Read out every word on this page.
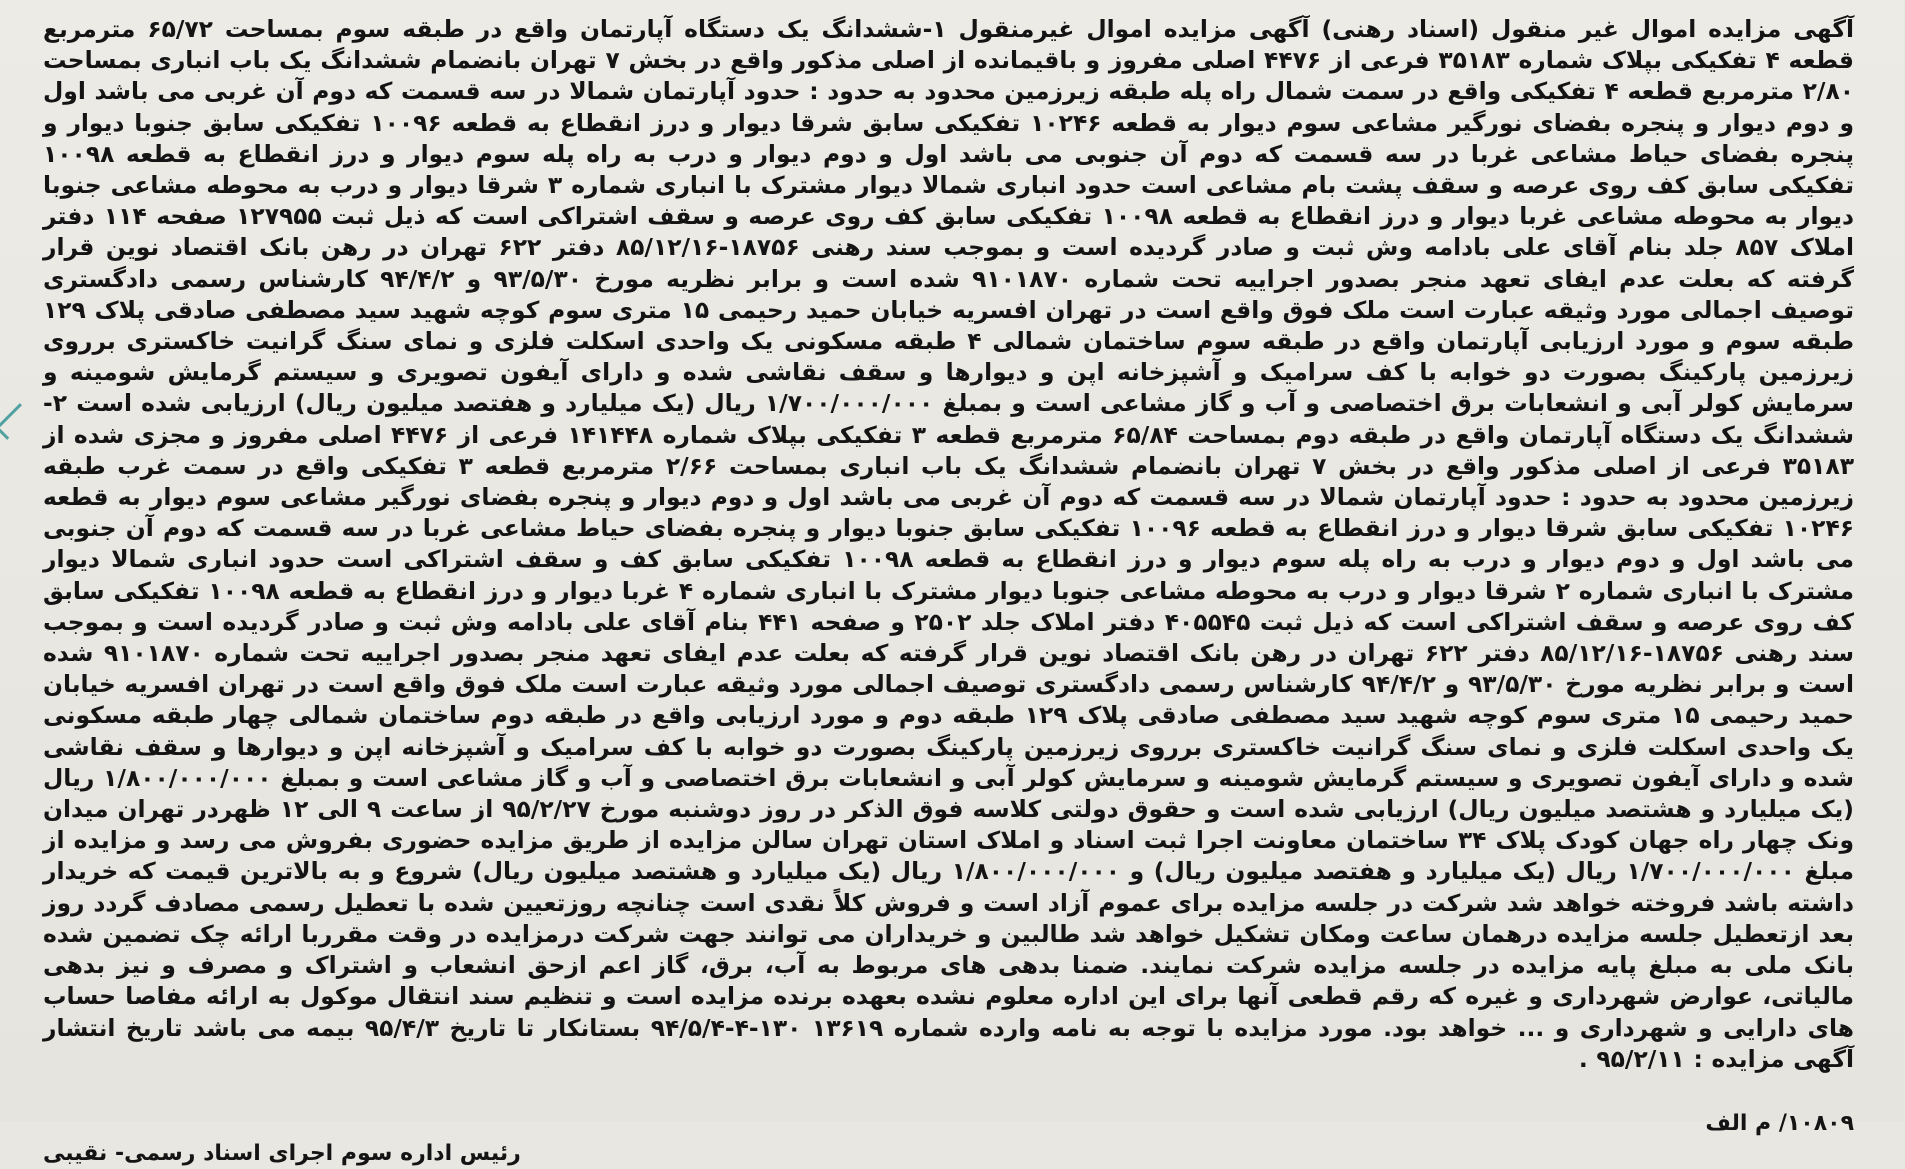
آگهی مزایده اموال غیر منقول (اسناد رهنی) آگهی مزایده اموال غیرمنقول ۱-ششدانگ یک دستگاه آپارتمان واقع در طبقه سوم بمساحت ۶۵/۷۲ مترمربع قطعه ۴ تفکیکی بپلاک شماره ۳۵۱۸۳ فرعی از ۴۴۷۶ اصلی مفروز و باقیمانده از اصلی مذکور واقع در بخش ۷ تهران بانضمام ششدانگ یک باب انباری بمساحت ۲/۸۰ مترمربع قطعه ۴ تفکیکی واقع در سمت شمال راه پله طبقه زیرزمین محدود به حدود : حدود آپارتمان شمالا در سه قسمت که دوم آن غربی می باشد اول و دوم دیوار و پنجره بفضای نورگیر مشاعی سوم دیوار به قطعه ۱۰۲۴۶ تفکیکی سابق شرقا دیوار و درز انقطاع به قطعه ۱۰۰۹۶ تفکیکی سابق جنوبا دیوار و پنجره بفضای حیاط مشاعی غربا در سه قسمت که دوم آن جنوبی می باشد اول و دوم دیوار و درب به راه پله سوم دیوار و درز انقطاع به قطعه ۱۰۰۹۸ تفکیکی سابق کف روی عرصه و سقف پشت بام مشاعی است حدود انباری شمالا دیوار مشترک با انباری شماره ۳ شرقا دیوار و درب به محوطه مشاعی جنوبا دیوار به محوطه مشاعی غربا دیوار و درز انقطاع به قطعه ۱۰۰۹۸ تفکیکی سابق کف روی عرصه و سقف اشتراکی است که ذیل ثبت ۱۲۷۹۵۵ صفحه ۱۱۴ دفتر املاک ۸۵۷ جلد بنام آقای علی بادامه وش ثبت و صادر گردیده است و بموجب سند رهنی ۱۸۷۵۶-۸۵/۱۲/۱۶ دفتر ۶۲۲ تهران در رهن بانک اقتصاد نوین قرار گرفته که بعلت عدم ایفای تعهد منجر بصدور اجراییه تحت شماره ۹۱۰۱۸۷۰ شده است و برابر نظریه مورخ ۹۳/۵/۳۰ و ۹۴/۴/۲ کارشناس رسمی دادگستری توصیف اجمالی مورد وثیقه عبارت است ملک فوق واقع است در تهران افسریه خیابان حمید رحیمی ۱۵ متری سوم کوچه شهید سید مصطفی صادقی پلاک ۱۲۹ طبقه سوم و مورد ارزیابی آپارتمان واقع در طبقه سوم ساختمان شمالی ۴ طبقه مسکونی یک واحدی اسکلت فلزی و نمای سنگ گرانیت خاکستری برروی زیرزمین پارکینگ بصورت دو خوابه با کف سرامیک و آشپزخانه اپن و دیوارها و سقف نقاشی شده و دارای آیفون تصویری و سیستم گرمایش شومینه و سرمایش کولر آبی و انشعابات برق اختصاصی و آب و گاز مشاعی است و بمبلغ ۱/۷۰۰/۰۰۰/۰۰۰ ریال (یک میلیارد و هفتصد میلیون ریال) ارزیابی شده است ۲- ششدانگ یک دستگاه آپارتمان واقع در طبقه دوم بمساحت ۶۵/۸۴ مترمربع قطعه ۳ تفکیکی بپلاک شماره ۱۴۱۴۴۸ فرعی از ۴۴۷۶ اصلی مفروز و مجزی شده از ۳۵۱۸۳ فرعی از اصلی مذکور واقع در بخش ۷ تهران بانضمام ششدانگ یک باب انباری بمساحت ۲/۶۶ مترمربع قطعه ۳ تفکیکی واقع در سمت غرب طبقه زیرزمین محدود به حدود : حدود آپارتمان شمالا در سه قسمت که دوم آن غربی می باشد اول و دوم دیوار و پنجره بفضای نورگیر مشاعی سوم دیوار به قطعه ۱۰۲۴۶ تفکیکی سابق شرقا دیوار و درز انقطاع به قطعه ۱۰۰۹۶ تفکیکی سابق جنوبا دیوار و پنجره بفضای حیاط مشاعی غربا در سه قسمت که دوم آن جنوبی می باشد اول و دوم دیوار و درب به راه پله سوم دیوار و درز انقطاع به قطعه ۱۰۰۹۸ تفکیکی سابق کف و سقف اشتراکی است حدود انباری شمالا دیوار مشترک با انباری شماره ۲ شرقا دیوار و درب به محوطه مشاعی جنوبا دیوار مشترک با انباری شماره ۴ غربا دیوار و درز انقطاع به قطعه ۱۰۰۹۸ تفکیکی سابق کف روی عرصه و سقف اشتراکی است که ذیل ثبت ۴۰۵۵۴۵ دفتر املاک جلد ۲۵۰۲ و صفحه ۴۴۱ بنام آقای علی بادامه وش ثبت و صادر گردیده است و بموجب سند رهنی ۱۸۷۵۶-۸۵/۱۲/۱۶ دفتر ۶۲۲ تهران در رهن بانک اقتصاد نوین قرار گرفته که بعلت عدم ایفای تعهد منجر بصدور اجراییه تحت شماره ۹۱۰۱۸۷۰ شده است و برابر نظریه مورخ ۹۳/۵/۳۰ و ۹۴/۴/۲ کارشناس رسمی دادگستری توصیف اجمالی مورد وثیقه عبارت است ملک فوق واقع است در تهران افسریه خیابان حمید رحیمی ۱۵ متری سوم کوچه شهید سید مصطفی صادقی پلاک ۱۲۹ طبقه دوم و مورد ارزیابی واقع در طبقه دوم ساختمان شمالی چهار طبقه مسکونی یک واحدی اسکلت فلزی و نمای سنگ گرانیت خاکستری برروی زیرزمین پارکینگ بصورت دو خوابه با کف سرامیک و آشپزخانه اپن و دیوارها و سقف نقاشی شده و دارای آیفون تصویری و سیستم گرمایش شومینه و سرمایش کولر آبی و انشعابات برق اختصاصی و آب و گاز مشاعی است و بمبلغ ۱/۸۰۰/۰۰۰/۰۰۰ ریال (یک میلیارد و هشتصد میلیون ریال) ارزیابی شده است و حقوق دولتی کلاسه فوق الذکر در روز دوشنبه مورخ ۹۵/۲/۲۷ از ساعت ۹ الی ۱۲ ظهردر تهران میدان ونک چهار راه جهان کودک پلاک ۳۴ ساختمان معاونت اجرا ثبت اسناد و املاک استان تهران سالن مزایده از طریق مزایده حضوری بفروش می رسد و مزایده از مبلغ ۱/۷۰۰/۰۰۰/۰۰۰ ریال (یک میلیارد و هفتصد میلیون ریال) و ۱/۸۰۰/۰۰۰/۰۰۰ ریال (یک میلیارد و هشتصد میلیون ریال) شروع و به بالاترین قیمت که خریدار داشته باشد فروخته خواهد شد شرکت در جلسه مزایده برای عموم آزاد است و فروش کلاً نقدی است چنانچه روزتعیین شده با تعطیل رسمی مصادف گردد روز بعد ازتعطیل جلسه مزایده درهمان ساعت ومکان تشکیل خواهد شد طالبین و خریداران می توانند جهت شرکت درمزایده در وقت مقرربا ارائه چک تضمین شده بانک ملی به مبلغ پایه مزایده در جلسه مزایده شرکت نمایند. ضمنا بدهی های مربوط به آب، برق، گاز اعم ازحق انشعاب و اشتراک و مصرف و نیز بدهی مالیاتی، عوارض شهرداری و غیره که رقم قطعی آنها برای این اداره معلوم نشده بعهده برنده مزایده است و تنظیم سند انتقال موکول به ارائه مفاصا حساب های دارایی و شهرداری و ... خواهد بود. مورد مزایده با توجه به نامه وارده شماره ۱۳۶۱۹ ۱۳۰-۴-۹۴/۵/۴ بستانکار تا تاریخ ۹۵/۴/۳ بیمه می باشد تاریخ انتشار آگهی مزایده : ۹۵/۲/۱۱ .

۱۰۸۰۹/ م الف
رئیس اداره سوم اجرای اسناد رسمی- نقیبی
